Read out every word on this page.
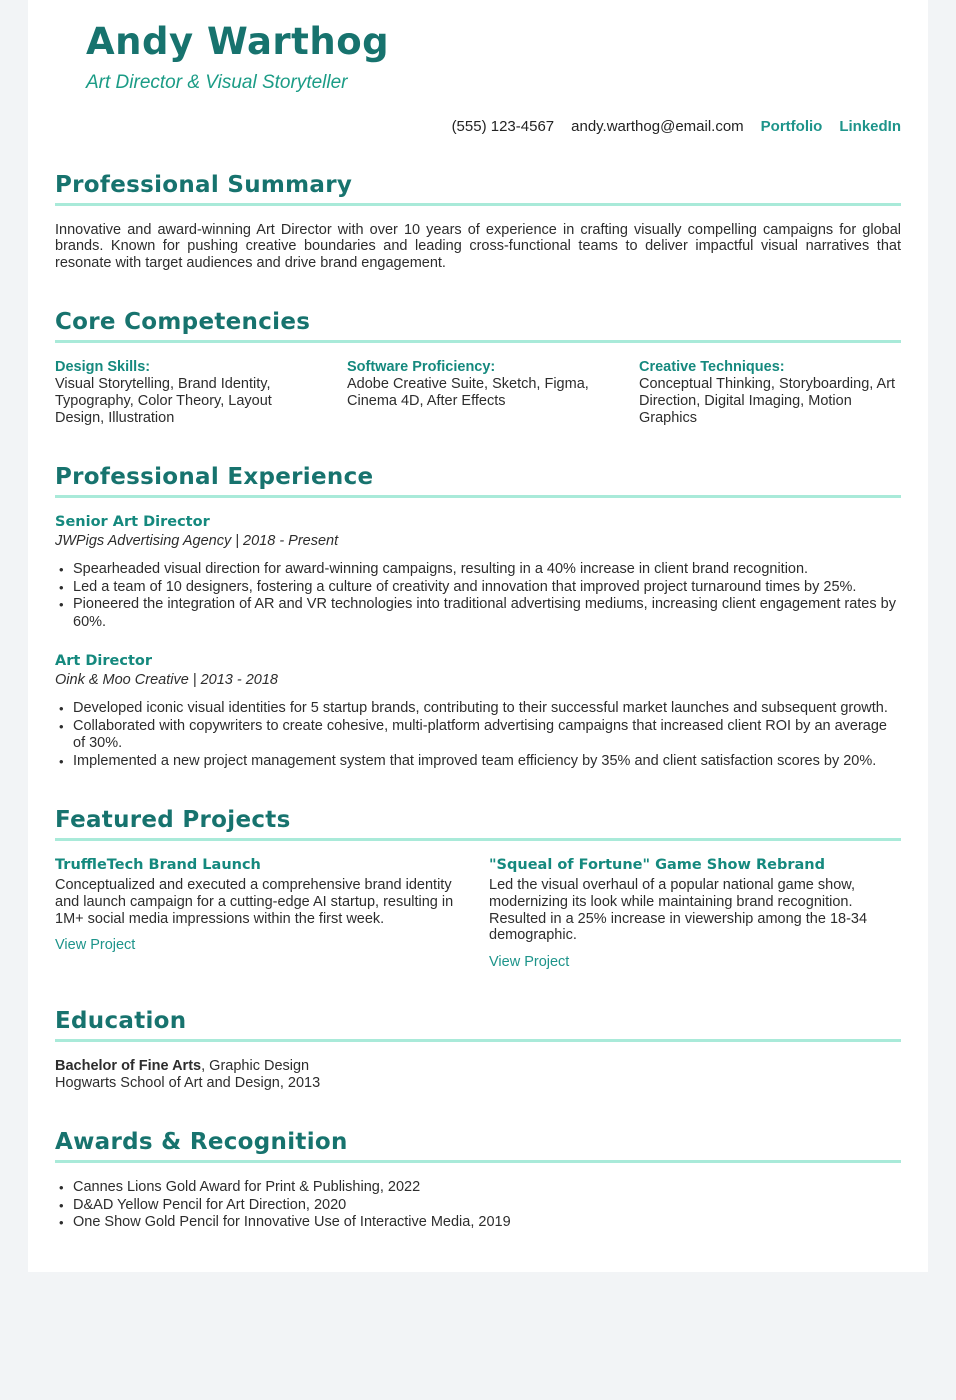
Andy Warthog
Art Director & Visual Storyteller
(555) 123-4567 andy.warthog@email.com Portfolio LinkedIn
Professional Summary

Innovative and award-winning Art Director with over 10 years of experience in crafting visually compelling campaigns for global brands. Known for pushing creative boundaries and leading cross-functional teams to deliver impactful visual narratives that resonate with target audiences and drive brand engagement.

Core Competencies
Design Skills:
Visual Storytelling, Brand Identity, Typography, Color Theory, Layout Design, Illustration
Software Proficiency:
Adobe Creative Suite, Sketch, Figma, Cinema 4D, After Effects
Creative Techniques:
Conceptual Thinking, Storyboarding, Art Direction, Digital Imaging, Motion Graphics
Professional Experience
Senior Art Director
JWPigs Advertising Agency | 2018 - Present
• Spearheaded visual direction for award-winning campaigns, resulting in a 40% increase in client brand recognition.
• Led a team of 10 designers, fostering a culture of creativity and innovation that improved project turnaround times by 25%.
• Pioneered the integration of AR and VR technologies into traditional advertising mediums, increasing client engagement rates by 60%.
Art Director
Oink & Moo Creative | 2013 - 2018
• Developed iconic visual identities for 5 startup brands, contributing to their successful market launches and subsequent growth.
• Collaborated with copywriters to create cohesive, multi-platform advertising campaigns that increased client ROI by an average of 30%.
• Implemented a new project management system that improved team efficiency by 35% and client satisfaction scores by 20%.
Featured Projects
TruffleTech Brand Launch
Conceptualized and executed a comprehensive brand identity and launch campaign for a cutting-edge AI startup, resulting in 1M+ social media impressions within the first week.
View Project
"Squeal of Fortune" Game Show Rebrand
Led the visual overhaul of a popular national game show, modernizing its look while maintaining brand recognition. Resulted in a 25% increase in viewership among the 18-34 demographic.
View Project
Education
Bachelor of Fine Arts, Graphic Design
Hogwarts School of Art and Design, 2013
Awards & Recognition
• Cannes Lions Gold Award for Print & Publishing, 2022
• D&AD Yellow Pencil for Art Direction, 2020
• One Show Gold Pencil for Innovative Use of Interactive Media, 2019
